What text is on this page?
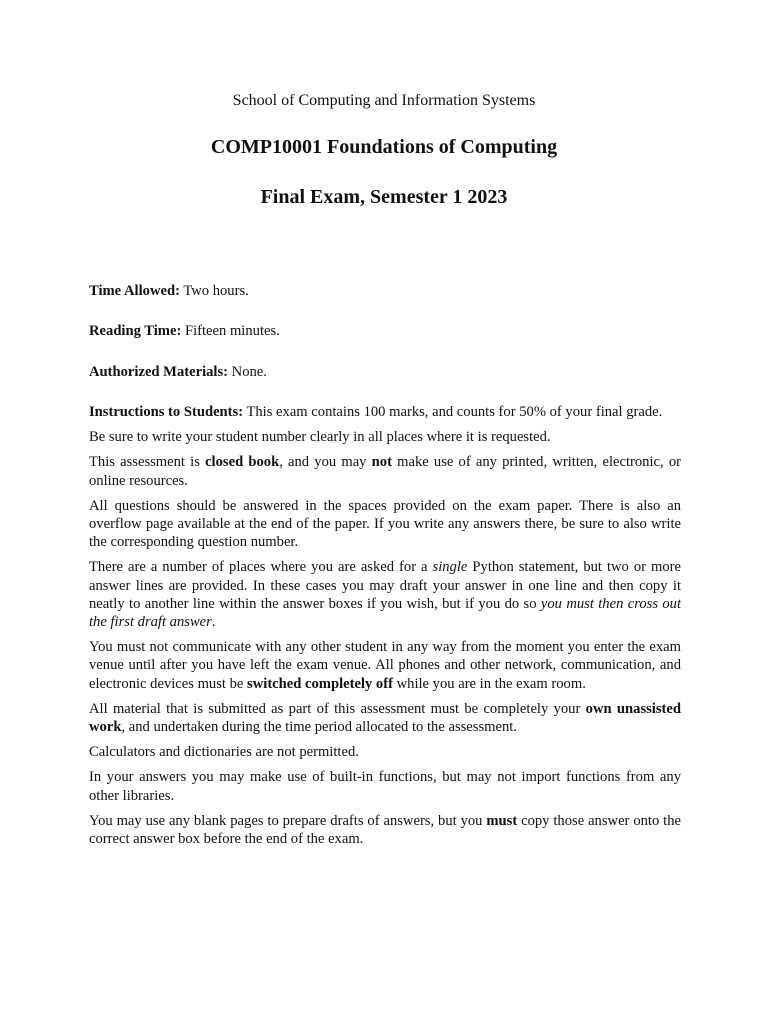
School of Computing and Information Systems
COMP10001 Foundations of Computing
Final Exam, Semester 1 2023

Time Allowed: Two hours.

Reading Time: Fifteen minutes.

Authorized Materials: None.

Instructions to Students: This exam contains 100 marks, and counts for 50% of your final grade.

Be sure to write your student number clearly in all places where it is requested.

This assessment is closed book, and you may not make use of any printed, written, electronic, or online resources.

All questions should be answered in the spaces provided on the exam paper. There is also an overflow page available at the end of the paper. If you write any answers there, be sure to also write the corresponding question number.

There are a number of places where you are asked for a single Python statement, but two or more answer lines are provided. In these cases you may draft your answer in one line and then copy it neatly to another line within the answer boxes if you wish, but if you do so you must then cross out the first draft answer.

You must not communicate with any other student in any way from the moment you enter the exam venue until after you have left the exam venue. All phones and other network, communication, and electronic devices must be switched completely off while you are in the exam room.

All material that is submitted as part of this assessment must be completely your own unassisted work, and undertaken during the time period allocated to the assessment.

Calculators and dictionaries are not permitted.

In your answers you may make use of built-in functions, but may not import functions from any other libraries.

You may use any blank pages to prepare drafts of answers, but you must copy those answer onto the correct answer box before the end of the exam.
